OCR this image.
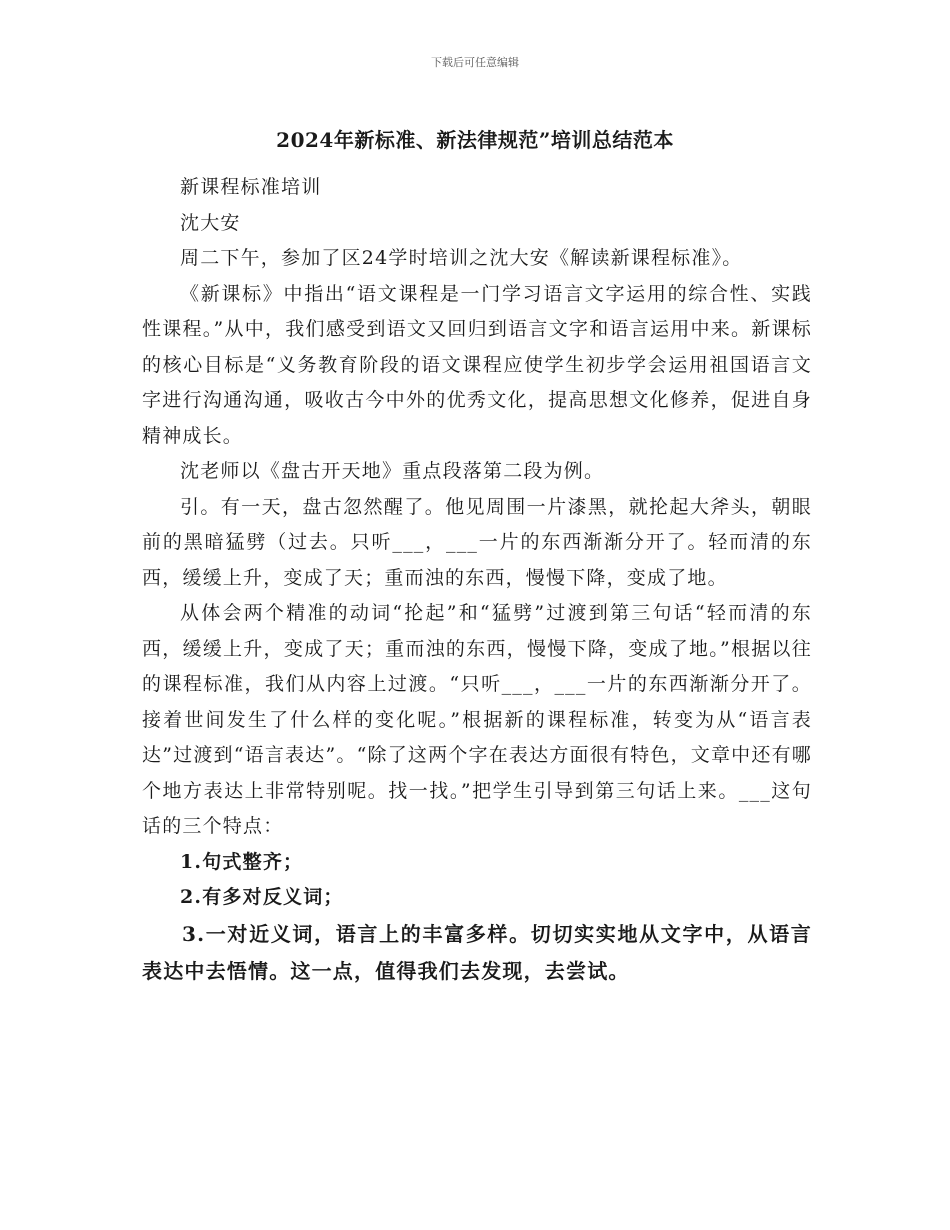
下载后可任意编辑
2024年新标准、新法律规范”培训总结范本

新课程标准培训

沈大安

周二下午，参加了区24学时培训之沈大安《解读新课程标准》。

《新课标》中指出“语文课程是一门学习语言文字运用的综合性、实践性课程。”从中，我们感受到语文又回归到语言文字和语言运用中来。新课标的核心目标是“义务教育阶段的语文课程应使学生初步学会运用祖国语言文字进行沟通沟通，吸收古今中外的优秀文化，提高思想文化修养，促进自身精神成长。

沈老师以《盘古开天地》重点段落第二段为例。

引。有一天，盘古忽然醒了。他见周围一片漆黑，就抡起大斧头，朝眼前的黑暗猛劈（过去。只听___，___一片的东西渐渐分开了。轻而清的东西，缓缓上升，变成了天；重而浊的东西，慢慢下降，变成了地。

从体会两个精准的动词“抡起”和“猛劈”过渡到第三句话“轻而清的东西，缓缓上升，变成了天；重而浊的东西，慢慢下降，变成了地。”根据以往的课程标准，我们从内容上过渡。“只听___，___一片的东西渐渐分开了。接着世间发生了什么样的变化呢。”根据新的课程标准，转变为从“语言表达”过渡到“语言表达”。“除了这两个字在表达方面很有特色，文章中还有哪个地方表达上非常特别呢。找一找。”把学生引导到第三句话上来。___这句话的三个特点：

1.句式整齐；

2.有多对反义词；

3.一对近义词，语言上的丰富多样。切切实实地从文字中，从语言表达中去悟情。这一点，值得我们去发现，去尝试。
